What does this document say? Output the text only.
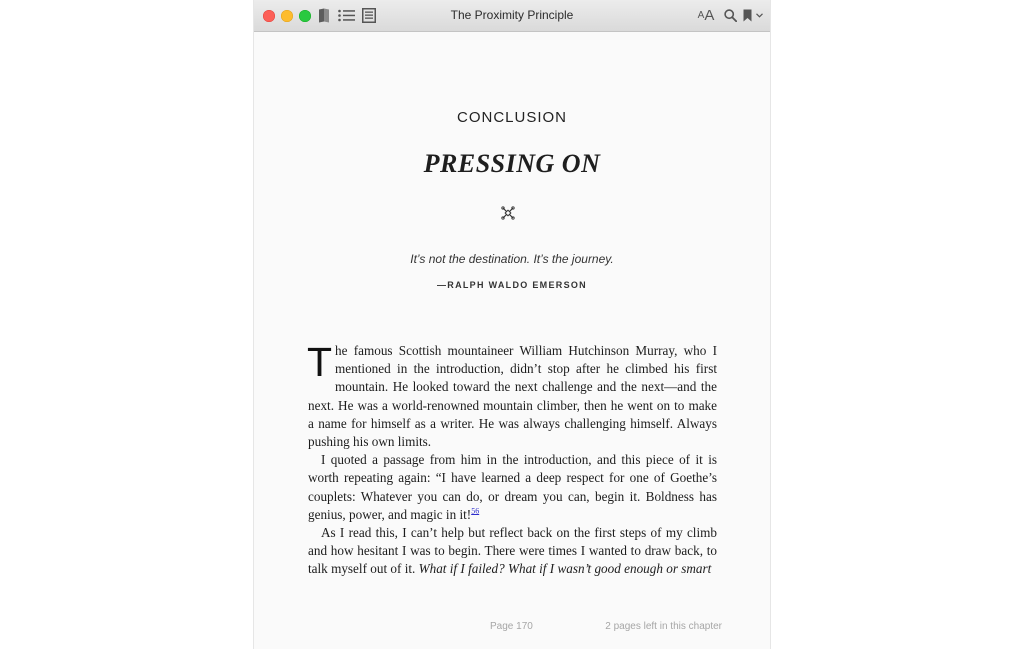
The Proximity Principle	A A
CONCLUSION
PRESSING ON
It’s not the destination. It’s the journey.
—RALPH WALDO EMERSON

The famous Scottish mountaineer William Hutchinson Murray, who I mentioned in the introduction, didn’t stop after he climbed his first mountain. He looked toward the next challenge and the next—and the next. He was a world-renowned mountain climber, then he went on to make a name for himself as a writer. He was always challenging himself. Always pushing his own limits.

I quoted a passage from him in the introduction, and this piece of it is worth repeating again: “I have learned a deep respect for one of Goethe’s couplets: Whatever you can do, or dream you can, begin it. Boldness has genius, power, and magic in it!$^{56}$

As I read this, I can’t help but reflect back on the first steps of my climb and how hesitant I was to begin. There were times I wanted to draw back, to talk myself out of it. What if I failed? What if I wasn’t good enough or smart

Page 170	2 pages left in this chapter
